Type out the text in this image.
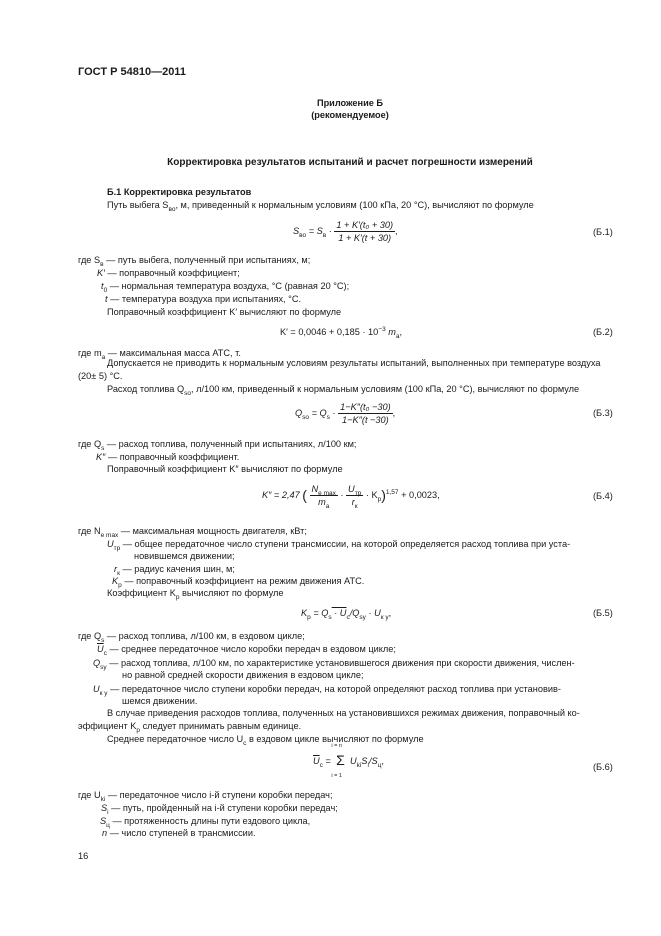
ГОСТ Р 54810—2011
Приложение Б
(рекомендуемое)
Корректировка результатов испытаний и расчет погрешности измерений
Б.1 Корректировка результатов
Путь выбега $S_{во}$, м, приведенный к нормальным условиям (100 кПа, 20 °С), вычисляют по формуле
$S_{во} = S_в \cdot \frac{\text{1 + K′(t₀ + 30)}}{1 + K'(t + 30)}$ ,	(Б.1)
где $S_в$ — путь выбега, полученный при испытаниях, м;
K′ — поправочный коэффициент;
$t_0$ — нормальная температура воздуха, °С (равная 20 °С);
t — температура воздуха при испытаниях, °С.
Поправочный коэффициент K′ вычисляют по формуле
$K' = 0,0046 + 0,185 \cdot 10^{-3}$ $m_а$,	(Б.2)
где $m_а$ — максимальная масса АТС, т.
Допускается не приводить к нормальным условиям результаты испытаний, выполненных при температуре воздуха (20± 5) °С.
Расход топлива $Q_{sо}$, л/100 км, приведенный к нормальным условиям (100 кПа, 20 °С), вычисляют по формуле
$Q_{sо} = Q_s \cdot \frac{\text{1−K″(t₀ −30)}}{1-K''(t -30)}$ ,	(Б.3)
где $Q_s$ — расход топлива, полученный при испытаниях, л/100 км;
K″ — поправочный коэффициент.
Поправочный коэффициент K″ вычисляют по формуле
K″ = 2,47 ( $\frac{N_{e max}}{m_а} \cdot \frac{U_{тр}}{r_к} \cdot K_р)^{1,57} + 0,0023$,	(Б.4)
где $N_{e max}$ — максимальная мощность двигателя, кВт;
$U_{тр}$ — общее передаточное число ступени трансмиссии, на которой определяется расход топлива при уста-
новившемся движении;
$r_к$ — радиус качения шин, м;
$K_р$ — поправочный коэффициент на режим движения АТС.
Коэффициент $K_р$ вычисляют по формуле
$K_р = Q_s \cdot U_с/Q_{sу} \cdot U_{к у}$,	(Б.5)
где $Q_s$ — расход топлива, л/100 км, в ездовом цикле;
$\overline{U}_с$ — среднее передаточное число коробки передач в ездовом цикле;
$Q_{sу}$ — расход топлива, л/100 км, по характеристике установившегося движения при скорости движения, числен-
но равной средней скорости движения в ездовом цикле;
$U_{к у}$ — передаточное число ступени коробки передач, на которой определяют расход топлива при установив-
шемся движении.
В случае приведения расходов топлива, полученных на установившихся режимах движения, поправочный ко-эффициент $K_р$ следует принимать равным единице.
Среднее передаточное число $U_с$ в ездовом цикле вычисляют по формуле
$\overline{U}_с$ =
i = n
Σ
i = 1
$U_{ki}S_i/S_ц$,
(Б.6)
где $U_{ki}$ — передаточное число i-й ступени коробки передач;
$S_i$ — путь, пройденный на i-й ступени коробки передач;
$S_ц$ — протяженность длины пути ездового цикла,
n — число ступеней в трансмиссии.
16
